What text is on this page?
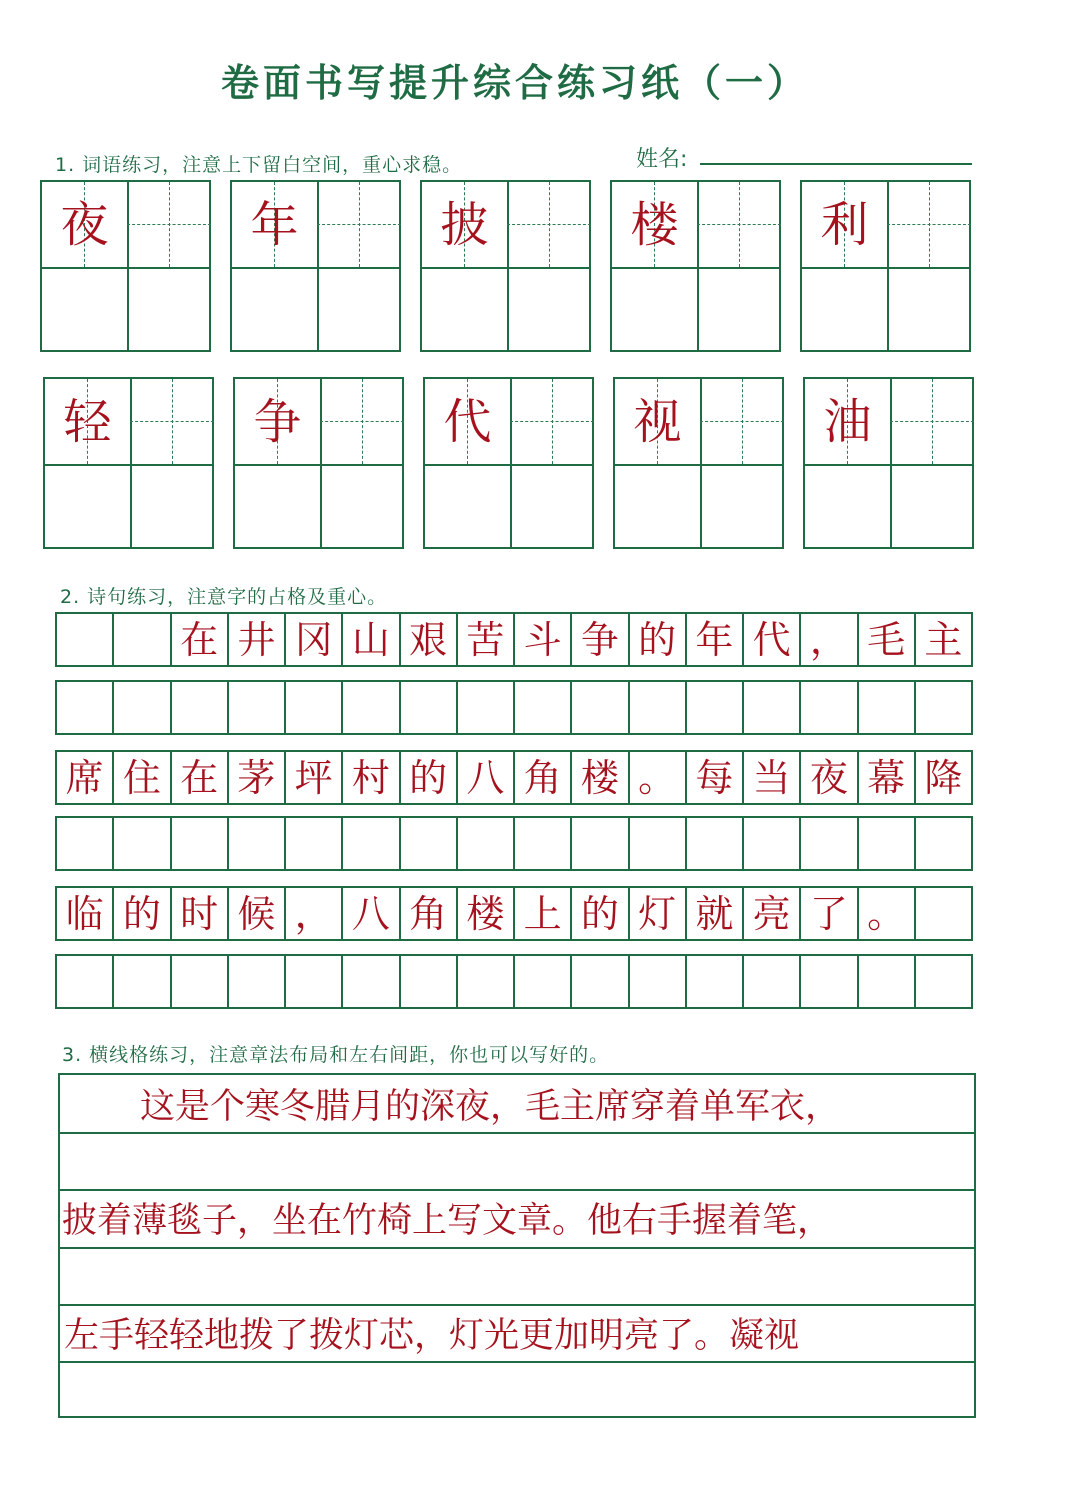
卷面书写提升综合练习纸（一）
1. 词语练习，注意上下留白空间，重心求稳。	姓名:
夜	年	披	楼	利
轻	争	代	视	油
2. 诗句练习，注意字的占格及重心。
在 井 冈 山 艰 苦 斗 争 的 年 代 ， 毛 主
席 住 在 茅 坪 村 的 八 角 楼 。 每 当 夜 幕 降
临 的 时 候 ， 八 角 楼 上 的 灯 就 亮 了 。
3. 横线格练习，注意章法布局和左右间距，你也可以写好的。
这是个寒冬腊月的深夜，毛主席穿着单军衣，
披着薄毯子，坐在竹椅上写文章。他右手握着笔，
左手轻轻地拨了拨灯芯，灯光更加明亮了。凝视
